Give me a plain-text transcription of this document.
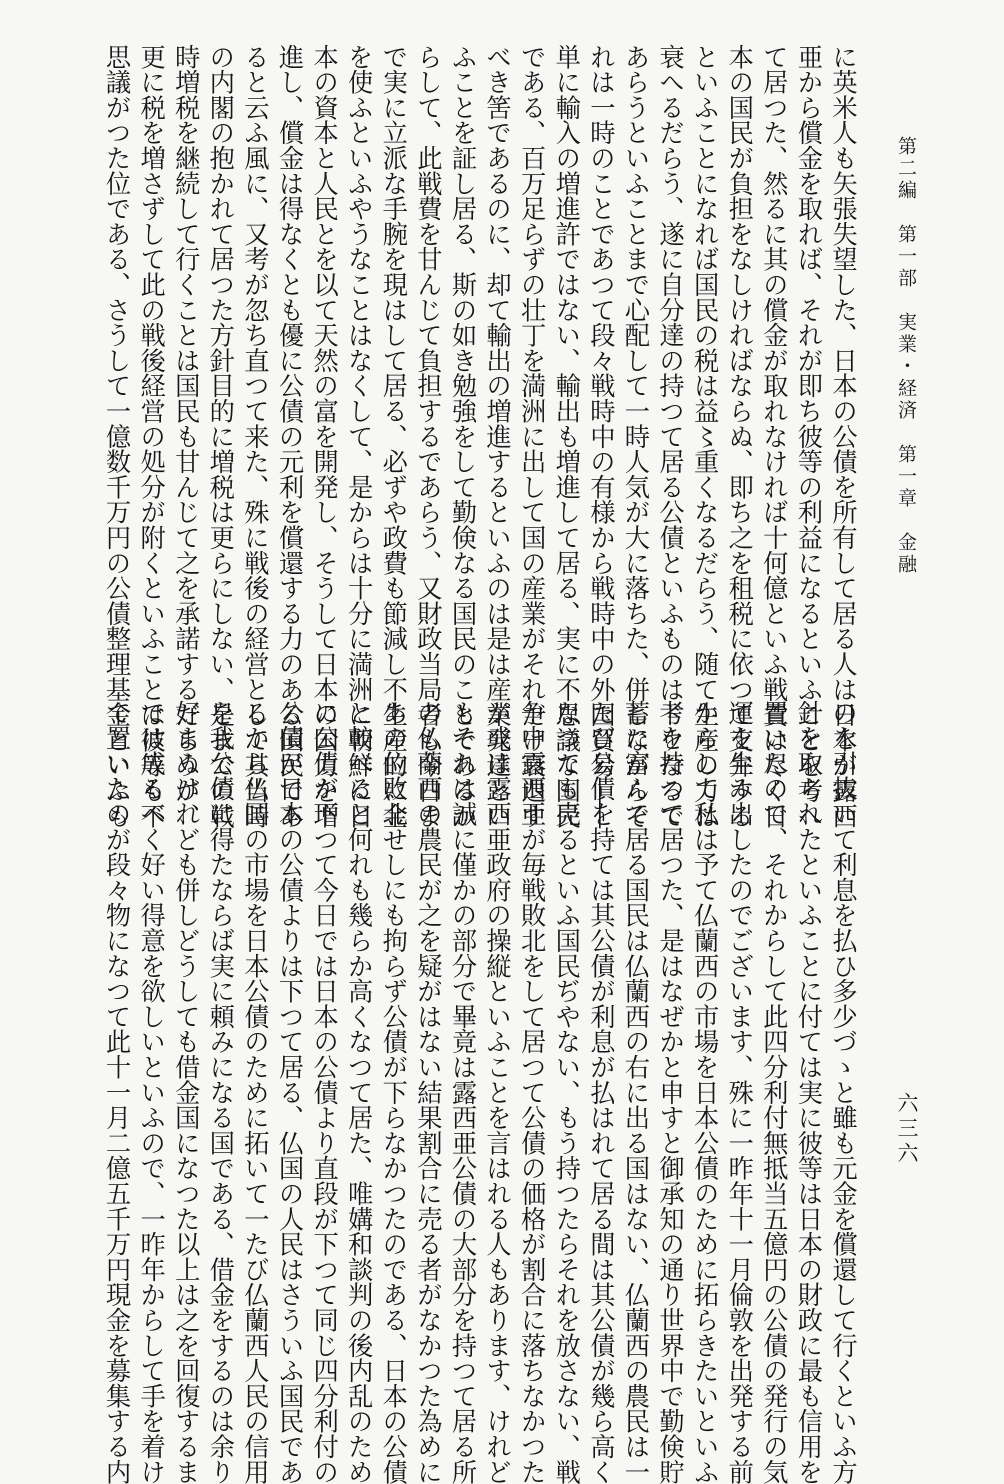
第二編　第一部　実業・経済　第一章　金融
に英米人も矢張失望した、日本の公債を所有して居る人は日本が露西
亜から償金を取れば、それが即ち彼等の利益になるといふことを考へ
て居つた、然るに其の償金が取れなければ十何億といふ戦費は尽く日
本の国民が負担をなしければならぬ、即ち之を租税に依つて支弁する
といふことになれば国民の税は益〻重くなるだらう、随て生産の力は
衰へるだらう、遂に自分達の持つて居る公債といふものはドウなるで
あらうといふことまで心配して一時人気が大に落ちた、併しながらそ
れは一時のことであつて段々戦時中の有様から戦時中の外国貿易――
単に輸入の増進許ではない、輸出も増進して居る、実に不思議な国民
である、百万足らずの壮丁を満洲に出して国の産業がそれだけ衰退す
べき筈であるのに、却て輸出の増進するといふのは是は産業発達とい
ふことを証し居る、斯の如き勉強をして勤倹なる国民のことであるか
らして、此戦費を甘んじて負担するであらう、又財政当局者も今日ま
で実に立派な手腕を現はして居る、必ずや政費も節減し不生産的に金
を使ふといふやうなことはなくして、是からは十分に満洲に朝鮮に日
本の資本と人民とを以て天然の富を開発し、そうして日本の国力を増
進し、償金は得なくとも優に公債の元利を償還する力のある国民であ
ると云ふ風に、又考が忽ち直つて来た、殊に戦後の経営として其当時
の内閣の抱かれて居つた方針目的に増税は更らにしない、是までの戦
時増税を継続して行くことは国民も甘んじて之を承諾するだらうが、
更に税を増さずして此の戦後経営の処分が附くといふことは彼等も不
思議がつた位である、さうして一億数千万円の公債整理基金といふも
六三六
のを引抜いて利息を払ひ多少づゝと雖も元金を償還して行くといふ方
針を取られたといふことに付ては実に彼等は日本の財政に最も信用を
置いたので、それからして此四分利付無抵当五億円の公債の発行の気
運を生み出したのでございます、殊に一昨年十一月倫敦を出発する前
からして私は予て仏蘭西の市場を日本公債のために拓らきたいといふ
考を持つて居つた、是はなぜかと申すと御承知の通り世界中で勤倹貯
蓄に富んで居る国民は仏蘭西の右に出る国はない、仏蘭西の農民は一
たび公債を持ては其公債が利息が払はれて居る間は其公債が幾ら高く
なつても売るといふ国民ぢやない、もう持つたらそれを放さない、戦
争中露西亜が毎戦敗北をして居つて公債の価格が割合に落ちなかつた
が或は露西亜政府の操縦といふことを言はれる人もあります、けれど
もそれは誠に僅かの部分で畢竟は露西亜公債の大部分を持つて居る所
の仏蘭西の農民が之を疑がはない結果割合に売る者がなかつた為めに
あの位敗北せしにも拘らず公債が下らなかつたのである、日本の公債
と較べると何れも幾らか高くなつて居た、唯媾和談判の後内乱のため
に公債が下つて今日では日本の公債より直段が下つて同じ四分利付の
公債が日本の公債よりは下つて居る、仏国の人民はさういふ国民であ
るから仏国の市場を日本公債のために拓いて一たび仏蘭西人民の信用
を我公債に得たならば実に頼みになる国である、借金をするのは余り
好まぬけれども併しどうしても借金国になつた以上は之を回復するま
では成るべく好い得意を欲しいといふので、一昨年からして手を着け
て置いたのが段々物になつて此十一月二億五千万円現金を募集する内
